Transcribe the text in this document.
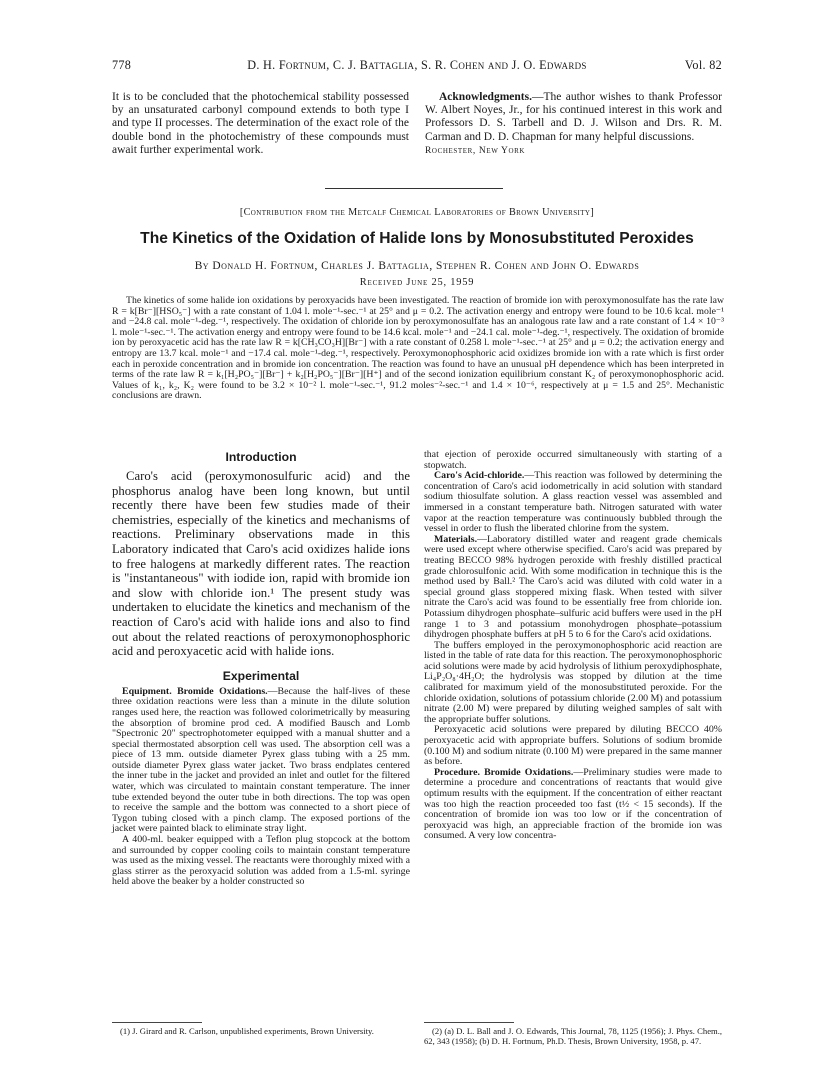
778	D. H. Fortnum, C. J. Battaglia, S. R. Cohen and J. O. Edwards	Vol. 82

It is to be concluded that the photochemical stability possessed by an unsaturated carbonyl compound extends to both type I and type II processes. The determination of the exact role of the double bond in the photochemistry of these compounds must await further experimental work.

Acknowledgments.—The author wishes to thank Professor W. Albert Noyes, Jr., for his continued interest in this work and Professors D. S. Tarbell and D. J. Wilson and Drs. R. M. Carman and D. D. Chapman for many helpful discussions.

Rochester, New York

[Contribution from the Metcalf Chemical Laboratories of Brown University]
The Kinetics of the Oxidation of Halide Ions by Monosubstituted Peroxides
By Donald H. Fortnum, Charles J. Battaglia, Stephen R. Cohen and John O. Edwards
Received June 25, 1959

The kinetics of some halide ion oxidations by peroxyacids have been investigated. The reaction of bromide ion with peroxymonosulfate has the rate law R = k[Br⁻][HSO₅⁻] with a rate constant of 1.04 l. mole⁻¹-sec.⁻¹ at 25° and μ = 0.2. The activation energy and entropy were found to be 10.6 kcal. mole⁻¹ and −24.8 cal. mole⁻¹-deg.⁻¹, respectively. The oxidation of chloride ion by peroxymonosulfate has an analogous rate law and a rate constant of 1.4 × 10⁻³ l. mole⁻¹-sec.⁻¹. The activation energy and entropy were found to be 14.6 kcal. mole⁻¹ and −24.1 cal. mole⁻¹-deg.⁻¹, respectively. The oxidation of bromide ion by peroxyacetic acid has the rate law R = k[CH₃CO₃H][Br⁻] with a rate constant of 0.258 l. mole⁻¹-sec.⁻¹ at 25° and μ = 0.2; the activation energy and entropy are 13.7 kcal. mole⁻¹ and −17.4 cal. mole⁻¹-deg.⁻¹, respectively. Peroxymonophosphoric acid oxidizes bromide ion with a rate which is first order each in peroxide concentration and in bromide ion concentration. The reaction was found to have an unusual pH dependence which has been interpreted in terms of the rate law R = k₁[H₂PO₅⁻][Br⁻] + k₂[H₂PO₅⁻][Br⁻][H⁺] and of the second ionization equilibrium constant K₂ of peroxymonophosphoric acid. Values of k₁, k₂, K₂ were found to be 3.2 × 10⁻² l. mole⁻¹-sec.⁻¹, 91.2 moles⁻²-sec.⁻¹ and 1.4 × 10⁻⁶, respectively at μ = 1.5 and 25°. Mechanistic conclusions are drawn.

Introduction

Caro's acid (peroxymonosulfuric acid) and the phosphorus analog have been long known, but until recently there have been few studies made of their chemistries, especially of the kinetics and mechanisms of reactions. Preliminary observations made in this Laboratory indicated that Caro's acid oxidizes halide ions to free halogens at markedly different rates. The reaction is "instantaneous" with iodide ion, rapid with bromide ion and slow with chloride ion.¹ The present study was undertaken to elucidate the kinetics and mechanism of the reaction of Caro's acid with halide ions and also to find out about the related reactions of peroxymonophosphoric acid and peroxyacetic acid with halide ions.

Experimental

Equipment. Bromide Oxidations.—Because the half-lives of these three oxidation reactions were less than a minute in the dilute solution ranges used here, the reaction was followed colorimetrically by measuring the absorption of bromine prod ced. A modified Bausch and Lomb "Spectronic 20" spectrophotometer equipped with a manual shutter and a special thermostated absorption cell was used. The absorption cell was a piece of 13 mm. outside diameter Pyrex glass tubing with a 25 mm. outside diameter Pyrex glass water jacket. Two brass endplates centered the inner tube in the jacket and provided an inlet and outlet for the filtered water, which was circulated to maintain constant temperature. The inner tube extended beyond the outer tube in both directions. The top was open to receive the sample and the bottom was connected to a short piece of Tygon tubing closed with a pinch clamp. The exposed portions of the jacket were painted black to eliminate stray light.

A 400-ml. beaker equipped with a Teflon plug stopcock at the bottom and surrounded by copper cooling coils to maintain constant temperature was used as the mixing vessel. The reactants were thoroughly mixed with a glass stirrer as the peroxyacid solution was added from a 1.5-ml. syringe held above the beaker by a holder constructed so

that ejection of peroxide occurred simultaneously with starting of a stopwatch.

Caro's Acid-chloride.—This reaction was followed by determining the concentration of Caro's acid iodometrically in acid solution with standard sodium thiosulfate solution. A glass reaction vessel was assembled and immersed in a constant temperature bath. Nitrogen saturated with water vapor at the reaction temperature was continuously bubbled through the vessel in order to flush the liberated chlorine from the system.

Materials.—Laboratory distilled water and reagent grade chemicals were used except where otherwise specified. Caro's acid was prepared by treating BECCO 98% hydrogen peroxide with freshly distilled practical grade chlorosulfonic acid. With some modification in technique this is the method used by Ball.² The Caro's acid was diluted with cold water in a special ground glass stoppered mixing flask. When tested with silver nitrate the Caro's acid was found to be essentially free from chloride ion. Potassium dihydrogen phosphate–sulfuric acid buffers were used in the pH range 1 to 3 and potassium monohydrogen phosphate–potassium dihydrogen phosphate buffers at pH 5 to 6 for the Caro's acid oxidations.

The buffers employed in the peroxymonophosphoric acid reaction are listed in the table of rate data for this reaction. The peroxymonophosphoric acid solutions were made by acid hydrolysis of lithium peroxydiphosphate, Li₄P₂O₈·4H₂O; the hydrolysis was stopped by dilution at the time calibrated for maximum yield of the monosubstituted peroxide. For the chloride oxidation, solutions of potassium chloride (2.00 M) and potassium nitrate (2.00 M) were prepared by diluting weighed samples of salt with the appropriate buffer solutions.

Peroxyacetic acid solutions were prepared by diluting BECCO 40% peroxyacetic acid with appropriate buffers. Solutions of sodium bromide (0.100 M) and sodium nitrate (0.100 M) were prepared in the same manner as before.

Procedure. Bromide Oxidations.—Preliminary studies were made to determine a procedure and concentrations of reactants that would give optimum results with the equipment. If the concentration of either reactant was too high the reaction proceeded too fast (t½ < 15 seconds). If the concentration of bromide ion was too low or if the concentration of peroxyacid was high, an appreciable fraction of the bromide ion was consumed. A very low concentra-

(1) J. Girard and R. Carlson, unpublished experiments, Brown University.	(2) (a) D. L. Ball and J. O. Edwards, This Journal, 78, 1125 (1956); J. Phys. Chem., 62, 343 (1958); (b) D. H. Fortnum, Ph.D. Thesis, Brown University, 1958, p. 47.
